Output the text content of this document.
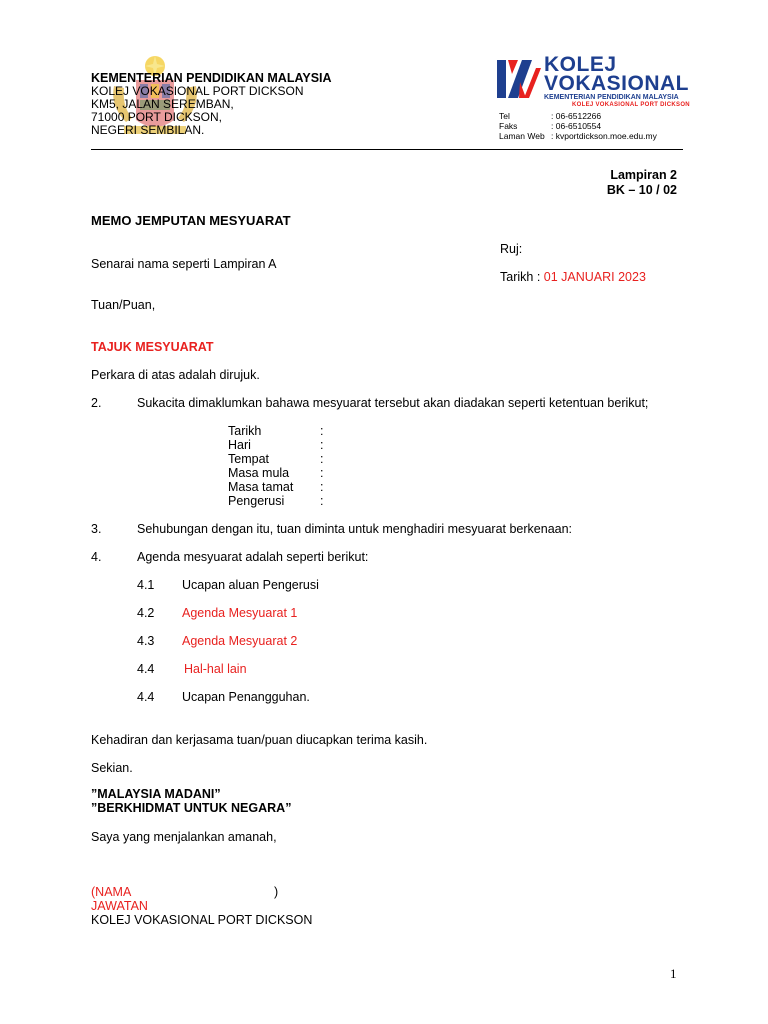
KEMENTERIAN PENDIDIKAN MALAYSIA
KOLEJ VOKASIONAL PORT DICKSON
KM5, JALAN SEREMBAN,
71000 PORT DICKSON,
NEGERI SEMBILAN.
KOLEJ
VOKASIONAL
KEMENTERIAN PENDIDIKAN MALAYSIA
KOLEJ VOKASIONAL PORT DICKSON
Tel	: 06-6512266
Faks	: 06-6510554
Laman Web : kvportdickson.moe.edu.my
Lampiran 2
BK – 10 / 02
MEMO JEMPUTAN MESYUARAT
Ruj:
Senarai nama seperti Lampiran A
Tarikh : 01 JANUARI 2023
Tuan/Puan,
TAJUK MESYUARAT
Perkara di atas adalah dirujuk.
2.	Sukacita dimaklumkan bahawa mesyuarat tersebut akan diadakan seperti ketentuan berikut;
Tarikh	:
Hari	:
Tempat	:
Masa mula :
Masa tamat :
Pengerusi	:
3.	Sehubungan dengan itu, tuan diminta untuk menghadiri mesyuarat berkenaan:
4.	Agenda mesyuarat adalah seperti berikut:
4.1 Ucapan aluan Pengerusi
4.2 Agenda Mesyuarat 1
4.3 Agenda Mesyuarat 2
4.4 Hal-hal lain
4.4 Ucapan Penangguhan.
Kehadiran dan kerjasama tuan/puan diucapkan terima kasih.
Sekian.
”MALAYSIA MADANI”
”BERKHIDMAT UNTUK NEGARA”
Saya yang menjalankan amanah,
(NAMA	)
JAWATAN
KOLEJ VOKASIONAL PORT DICKSON
1
